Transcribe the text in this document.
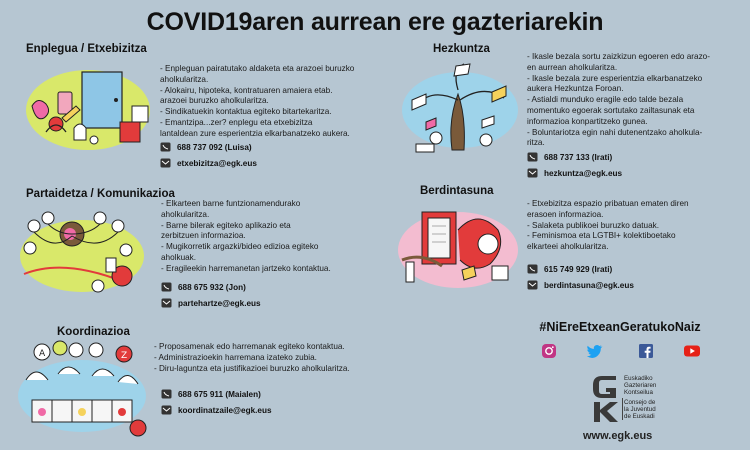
COVID19aren aurrean ere gazteriarekin
Enplegua / Etxebizitza
- Enpleguan pairatutako aldaketa eta arazoei buruzko
aholkularitza.
- Alokairu, hipoteka, kontratuaren amaiera etab.
arazoei buruzko aholkularitza.
- Sindikatuekin kontaktua egiteko bitartekaritza.
- Emantzipa...zer? enplegu eta etxebizitza
lantaldean zure esperientzia elkarbanatzeko aukera.
688 737 092 (Luisa)
etxebizitza@egk.eus
Hezkuntza
- Ikasle bezala sortu zaizkizun egoeren edo arazo-
en aurrean aholkularitza.
- Ikasle bezala zure esperientzia elkarbanatzeko
aukera Hezkuntza Foroan.
- Astialdi munduko eragile edo talde bezala
momentuko egoerak sortutako zailtasunak eta
informazioa konpartitzeko gunea.
- Boluntariotza egin nahi dutenentzako aholkula-
ritza.
688 737 133 (Irati)
hezkuntza@egk.eus
Partaidetza / Komunikazioa
- Elkarteen barne funtzionamendurako
aholkularitza.
- Barne bilerak egiteko aplikazio eta
zerbitzuen informazioa.
- Mugikorretik argazki/bideo edizioa egiteko
aholkuak.
- Eragileekin harremanetan jartzeko kontaktua.
688 675 932 (Jon)
partehartze@egk.eus
Berdintasuna
- Etxebizitza espazio pribatuan ematen diren
erasoen informazioa.
- Salaketa publikoei buruzko datuak.
- Feminismoa eta LGTBI+ kolektiboetako
elkarteei aholkularitza.
615 749 929 (Irati)
berdintasuna@egk.eus
Koordinazioa
A	Z
- Proposamenak edo harremanak egiteko kontaktua.
- Administrazioekin harremana izateko zubia.
- Diru-laguntza eta justifikazioei buruzko aholkularitza.
688 675 911 (Maialen)
koordinatzaile@egk.eus
#NiEreEtxeanGeratukoNaiz
Euskadiko
Gazteriaren
Kontseilua
Consejo de
la Juventud
de Euskadi
www.egk.eus
